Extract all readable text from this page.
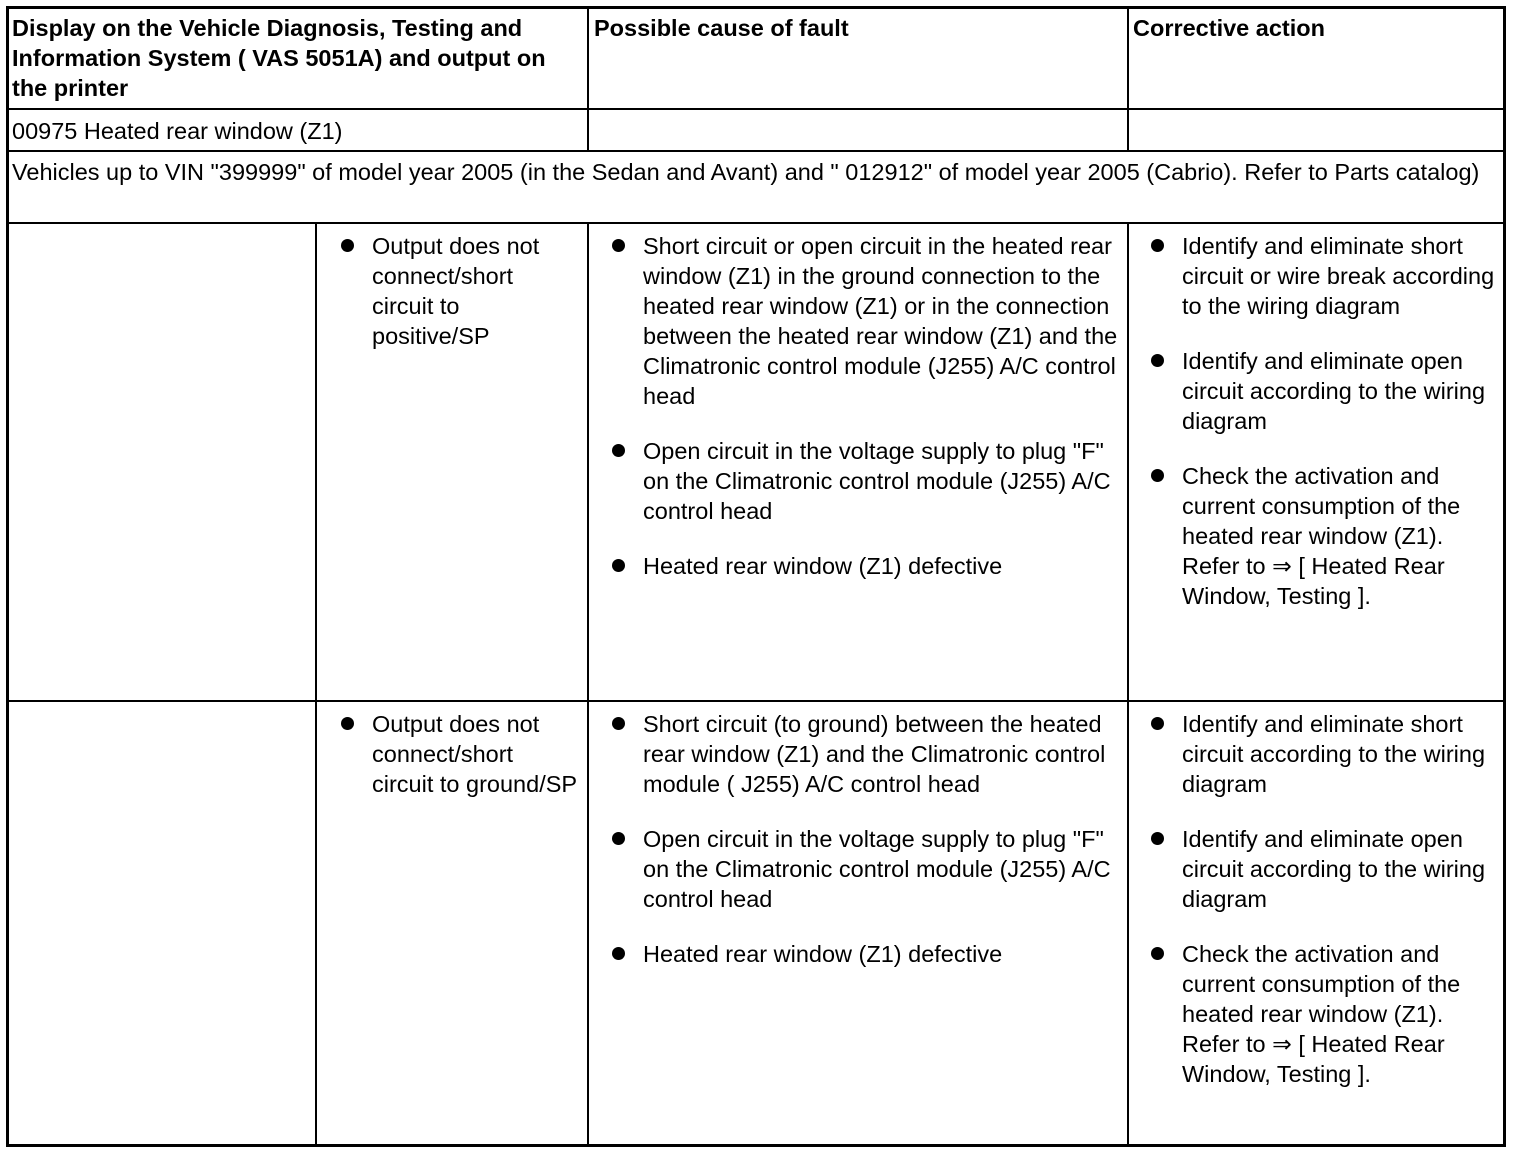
Display on the Vehicle Diagnosis, Testing and Information System ( VAS 5051A) and output on the printer
Possible cause of fault	Corrective action
00975 Heated rear window (Z1)
Vehicles up to VIN "399999" of model year 2005 (in the Sedan and Avant) and " 012912" of model year 2005 (Cabrio). Refer to Parts catalog)
Output does not connect/short circuit to positive/SP
Short circuit or open circuit in the heated rear window (Z1) in the ground connection to the heated rear window (Z1) or in the connection between the heated rear window (Z1) and the Climatronic control module (J255) A/C control head
Open circuit in the voltage supply to plug "F" on the Climatronic control module (J255) A/C control head
Heated rear window (Z1) defective
Identify and eliminate short circuit or wire break according to the wiring diagram
Identify and eliminate open circuit according to the wiring diagram
Check the activation and current consumption of the heated rear window (Z1). Refer to ⇒ [ Heated Rear Window, Testing ].
Output does not connect/short circuit to ground/SP
Short circuit (to ground) between the heated rear window (Z1) and the Climatronic control module ( J255) A/C control head
Open circuit in the voltage supply to plug "F" on the Climatronic control module (J255) A/C control head
Heated rear window (Z1) defective
Identify and eliminate short circuit according to the wiring diagram
Identify and eliminate open circuit according to the wiring diagram
Check the activation and current consumption of the heated rear window (Z1). Refer to ⇒ [ Heated Rear Window, Testing ].
